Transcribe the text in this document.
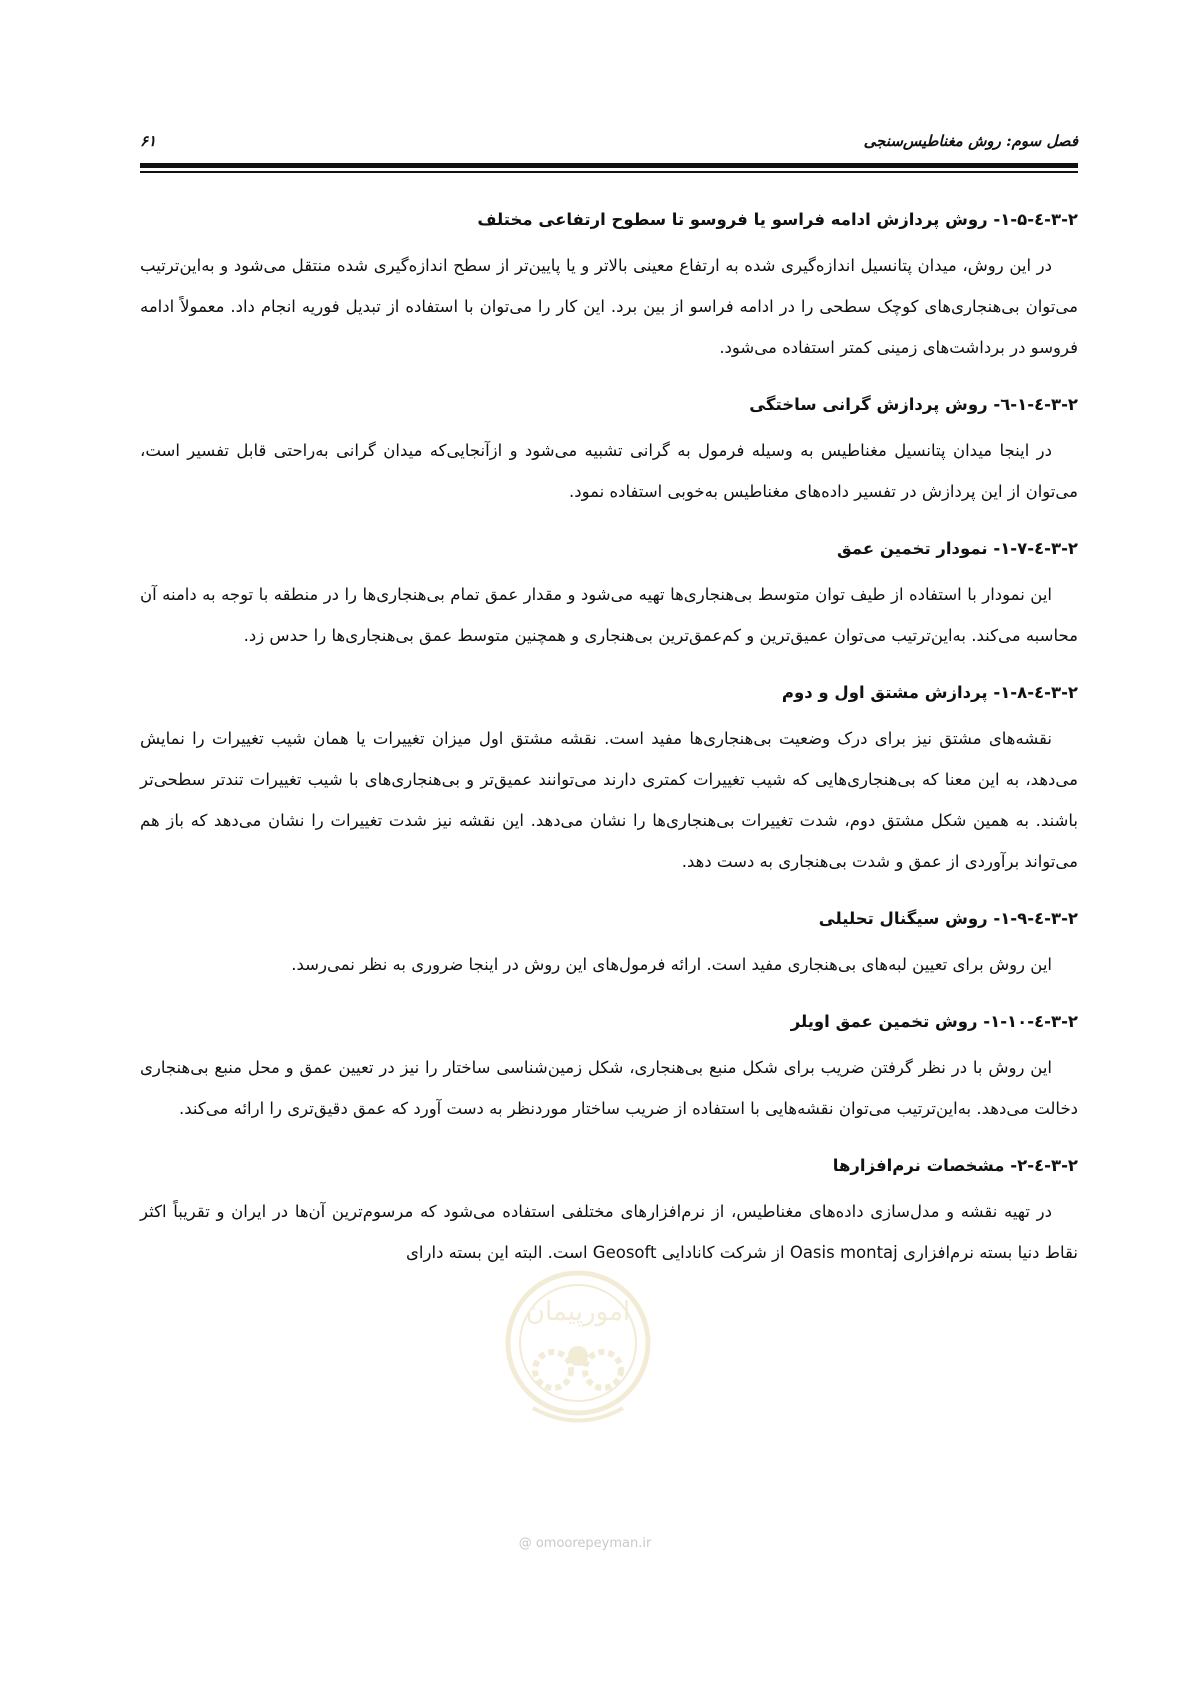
فصل سوم: روش مغناطیس‌سنجی
۶۱

۳-۲-٤-۱-۵- روش پردازش ادامه فراسو یا فروسو تا سطوح ارتفاعی مختلف

در این روش، میدان پتانسیل اندازه‌گیری شده به ارتفاع معینی بالاتر و یا پایین‌تر از سطح اندازه‌گیری شده منتقل می‌شود و به‌این‌ترتیب می‌توان بی‌هنجاری‌های کوچک سطحی را در ادامه فراسو از بین برد. این کار را می‌توان با استفاده از تبدیل فوریه انجام داد. معمولاً ادامه فروسو در برداشت‌های زمینی کمتر استفاده می‌شود.

۳-۲-٤-۱-٦- روش پردازش گرانی ساختگی

در اینجا میدان پتانسیل مغناطیس به وسیله فرمول به گرانی تشبیه می‌شود و ازآنجایی‌که میدان گرانی به‌راحتی قابل تفسیر است، می‌توان از این پردازش در تفسیر داده‌های مغناطیس به‌خوبی استفاده نمود.

۳-۲-٤-۱-۷- نمودار تخمین عمق

این نمودار با استفاده از طیف توان متوسط بی‌هنجاری‌ها تهیه می‌شود و مقدار عمق تمام بی‌هنجاری‌ها را در منطقه با توجه به دامنه آن محاسبه می‌کند. به‌این‌ترتیب می‌توان عمیق‌ترین و کم‌عمق‌ترین بی‌هنجاری و همچنین متوسط عمق بی‌هنجاری‌ها را حدس زد.

۳-۲-٤-۱-۸- پردازش مشتق اول و دوم

نقشه‌های مشتق نیز برای درک وضعیت بی‌هنجاری‌ها مفید است. نقشه مشتق اول میزان تغییرات یا همان شیب تغییرات را نمایش می‌دهد، به این معنا که بی‌هنجاری‌هایی که شیب تغییرات کمتری دارند می‌توانند عمیق‌تر و بی‌هنجاری‌های با شیب تغییرات تندتر سطحی‌تر باشند. به همین شکل مشتق دوم، شدت تغییرات بی‌هنجاری‌ها را نشان می‌دهد. این نقشه نیز شدت تغییرات را نشان می‌دهد که باز هم می‌تواند برآوردی از عمق و شدت بی‌هنجاری به دست دهد.

۳-۲-٤-۱-۹- روش سیگنال تحلیلی

این روش برای تعیین لبه‌های بی‌هنجاری مفید است. ارائه فرمول‌های این روش در اینجا ضروری به نظر نمی‌رسد.

۳-۲-٤-۱-۱۰- روش تخمین عمق اویلر

این روش با در نظر گرفتن ضریب برای شکل منبع بی‌هنجاری، شکل زمین‌شناسی ساختار را نیز در تعیین عمق و محل منبع بی‌هنجاری دخالت می‌دهد. به‌این‌ترتیب می‌توان نقشه‌هایی با استفاده از ضریب ساختار موردنظر به دست آورد که عمق دقیق‌تری را ارائه می‌کند.

۳-۲-٤-۲- مشخصات نرم‌افزارها

در تهیه نقشه و مدل‌سازی داده‌های مغناطیس، از نرم‌افزارهای مختلفی استفاده می‌شود که مرسوم‌ترین آن‌ها در ایران و تقریباً اکثر نقاط دنیا بسته نرم‌افزاری Oasis montaj از شرکت کانادایی Geosoft است. البته این بسته دارای

امورپیمان
@ omoorepeyman.ir
